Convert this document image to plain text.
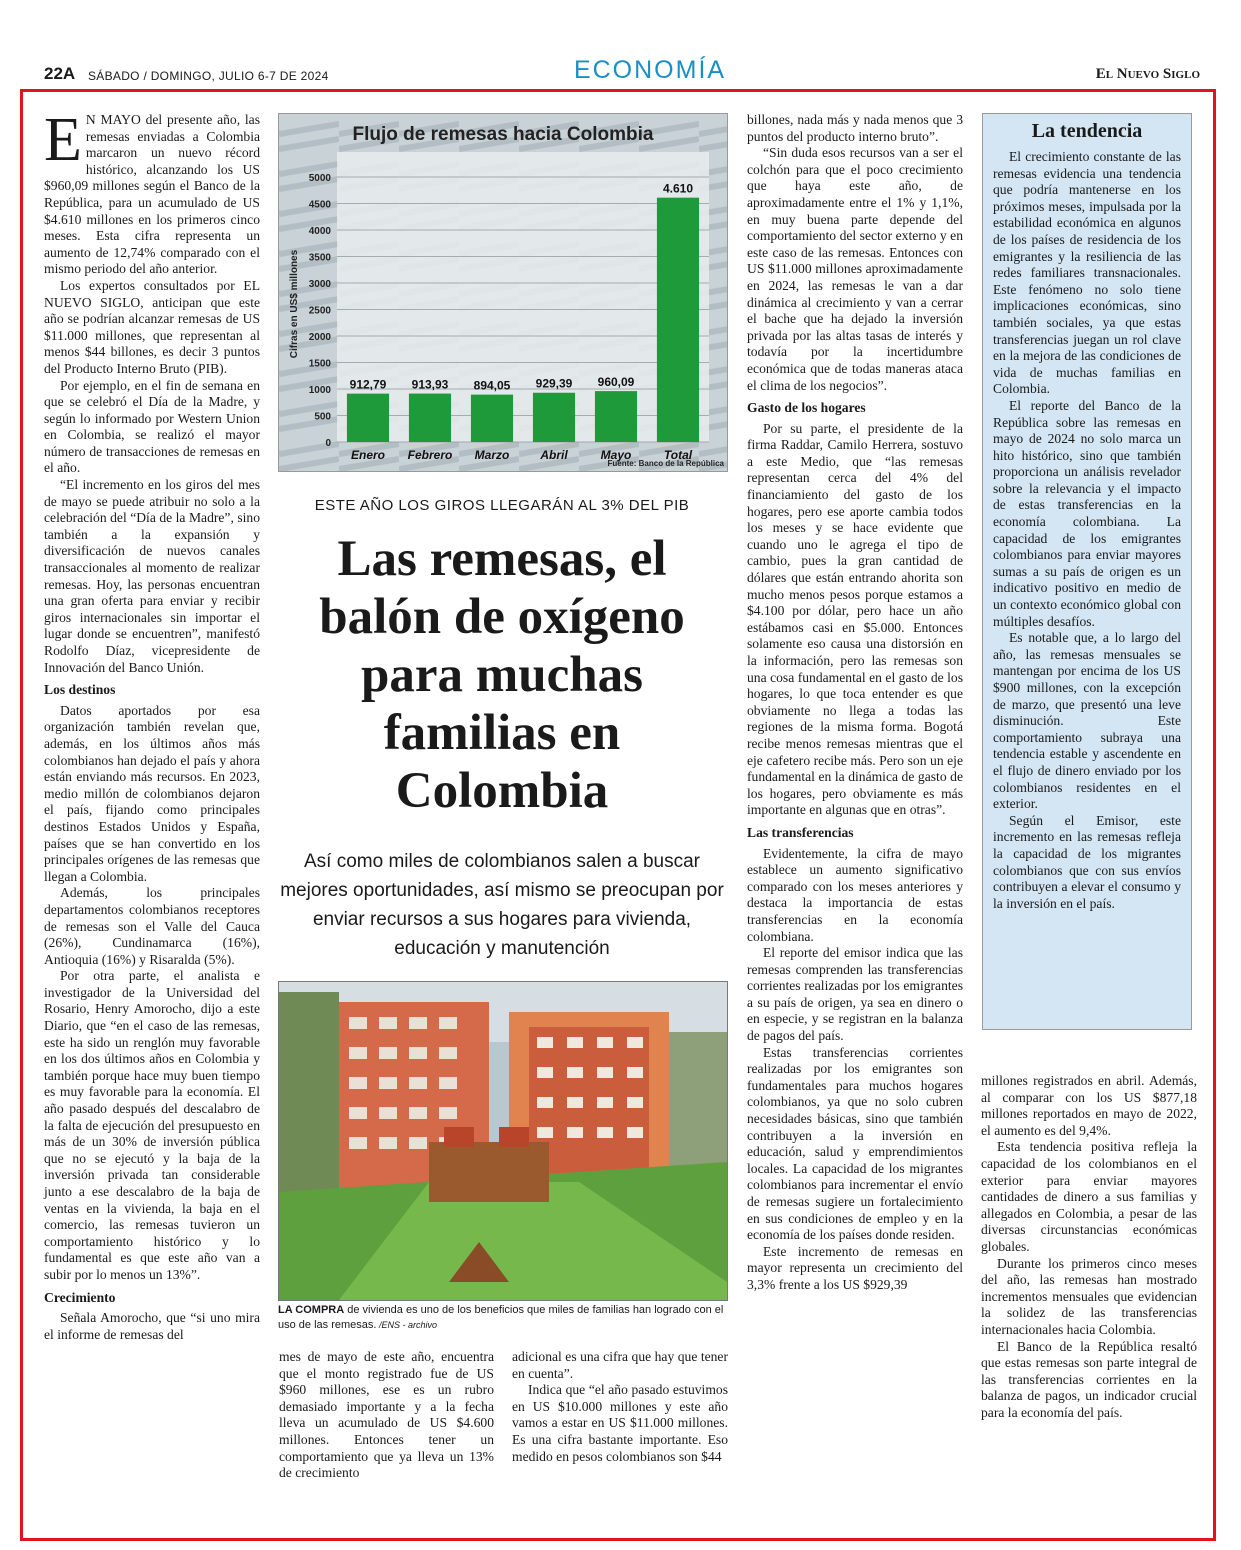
22A SÁBADO / DOMINGO, JULIO 6-7 DE 2024	ECONOMÍA	El Nuevo Siglo

E N MAYO del presente año, las remesas enviadas a Colombia marcaron un nuevo récord histórico, alcanzando los US $960,09 millones según el Banco de la República, para un acumulado de US $4.610 millones en los primeros cinco meses. Esta cifra representa un aumento de 12,74% comparado con el mismo periodo del año anterior.

Los expertos consultados por EL NUEVO SIGLO, anticipan que este año se podrían alcanzar remesas de US $11.000 millones, que representan al menos $44 billones, es decir 3 puntos del Producto Interno Bruto (PIB).

Por ejemplo, en el fin de semana en que se celebró el Día de la Madre, y según lo informado por Western Union en Colombia, se realizó el mayor número de transacciones de remesas en el año.

“El incremento en los giros del mes de mayo se puede atribuir no solo a la celebración del “Día de la Madre”, sino también a la expansión y diversificación de nuevos canales transaccionales al momento de realizar remesas. Hoy, las personas encuentran una gran oferta para enviar y recibir giros internacionales sin importar el lugar donde se encuentren”, manifestó Rodolfo Díaz, vicepresidente de Innovación del Banco Unión.

Los destinos

Datos aportados por esa organización también revelan que, además, en los últimos años más colombianos han dejado el país y ahora están enviando más recursos. En 2023, medio millón de colombianos dejaron el país, fijando como principales destinos Estados Unidos y España, países que se han convertido en los principales orígenes de las remesas que llegan a Colombia.

Además, los principales departamentos colombianos receptores de remesas son el Valle del Cauca (26%), Cundinamarca (16%), Antioquia (16%) y Risaralda (5%).

Por otra parte, el analista e investigador de la Universidad del Rosario, Henry Amorocho, dijo a este Diario, que “en el caso de las remesas, este ha sido un renglón muy favorable en los dos últimos años en Colombia y también porque hace muy buen tiempo es muy favorable para la economía. El año pasado después del descalabro de la falta de ejecución del presupuesto en más de un 30% de inversión pública que no se ejecutó y la baja de la inversión privada tan considerable junto a ese descalabro de la baja de ventas en la vivienda, la baja en el comercio, las remesas tuvieron un comportamiento histórico y lo fundamental es que este año van a subir por lo menos un 13%”.

Crecimiento

Señala Amorocho, que “si uno mira el informe de remesas del

Flujo de remesas hacia Colombia
Cifras en US$ millones
0
500
1000
1500
2000
2500
3000
3500
4000
4500
5000
912,79 913,93 894,05 929,39 960,09
4.610
Enero Febrero Marzo	Abril	Mayo	Total
Fuente: Banco de la República
ESTE AÑO LOS GIROS LLEGARÁN AL 3% DEL PIB
Las remesas, el balón de oxígeno para muchas familias en Colombia
Así como miles de colombianos salen a buscar mejores oportunidades, así mismo se preocupan por enviar recursos a sus hogares para vivienda, educación y manutención
LA COMPRA de vivienda es uno de los beneficios que miles de familias han logrado con el uso de las remesas. /ENS - archivo

mes de mayo de este año, encuentra que el monto registrado fue de US $960 millones, ese es un rubro demasiado importante y a la fecha lleva un acumulado de US $4.600 millones. Entonces tener un comportamiento que ya lleva un 13% de crecimiento

adicional es una cifra que hay que tener en cuenta”.

Indica que “el año pasado estuvimos en US $10.000 millones y este año vamos a estar en US $11.000 millones. Es una cifra bastante importante. Eso medido en pesos colombianos son $44

billones, nada más y nada menos que 3 puntos del producto interno bruto”.

“Sin duda esos recursos van a ser el colchón para que el poco crecimiento que haya este año, de aproximadamente entre el 1% y 1,1%, en muy buena parte depende del comportamiento del sector externo y en este caso de las remesas. Entonces con US $11.000 millones aproximadamente en 2024, las remesas le van a dar dinámica al crecimiento y van a cerrar el bache que ha dejado la inversión privada por las altas tasas de interés y todavía por la incertidumbre económica que de todas maneras ataca el clima de los negocios”.

Gasto de los hogares

Por su parte, el presidente de la firma Raddar, Camilo Herrera, sostuvo a este Medio, que “las remesas representan cerca del 4% del financiamiento del gasto de los hogares, pero ese aporte cambia todos los meses y se hace evidente que cuando uno le agrega el tipo de cambio, pues la gran cantidad de dólares que están entrando ahorita son mucho menos pesos porque estamos a $4.100 por dólar, pero hace un año estábamos casi en $5.000. Entonces solamente eso causa una distorsión en la información, pero las remesas son una cosa fundamental en el gasto de los hogares, lo que toca entender es que obviamente no llega a todas las regiones de la misma forma. Bogotá recibe menos remesas mientras que el eje cafetero recibe más. Pero son un eje fundamental en la dinámica de gasto de los hogares, pero obviamente es más importante en algunas que en otras”.

Las transferencias

Evidentemente, la cifra de mayo establece un aumento significativo comparado con los meses anteriores y destaca la importancia de estas transferencias en la economía colombiana.

El reporte del emisor indica que las remesas comprenden las transferencias corrientes realizadas por los emigrantes a su país de origen, ya sea en dinero o en especie, y se registran en la balanza de pagos del país.

Estas transferencias corrientes realizadas por los emigrantes son fundamentales para muchos hogares colombianos, ya que no solo cubren necesidades básicas, sino que también contribuyen a la inversión en educación, salud y emprendimientos locales. La capacidad de los migrantes colombianos para incrementar el envío de remesas sugiere un fortalecimiento en sus condiciones de empleo y en la economía de los países donde residen.

Este incremento de remesas en mayor representa un crecimiento del 3,3% frente a los US $929,39

La tendencia

El crecimiento constante de las remesas evidencia una tendencia que podría mantenerse en los próximos meses, impulsada por la estabilidad económica en algunos de los países de residencia de los emigrantes y la resiliencia de las redes familiares transnacionales. Este fenómeno no solo tiene implicaciones económicas, sino también sociales, ya que estas transferencias juegan un rol clave en la mejora de las condiciones de vida de muchas familias en Colombia.

El reporte del Banco de la República sobre las remesas en mayo de 2024 no solo marca un hito histórico, sino que también proporciona un análisis revelador sobre la relevancia y el impacto de estas transferencias en la economía colombiana. La capacidad de los emigrantes colombianos para enviar mayores sumas a su país de origen es un indicativo positivo en medio de un contexto económico global con múltiples desafíos.

Es notable que, a lo largo del año, las remesas mensuales se mantengan por encima de los US $900 millones, con la excepción de marzo, que presentó una leve disminución. Este comportamiento subraya una tendencia estable y ascendente en el flujo de dinero enviado por los colombianos residentes en el exterior.

Según el Emisor, este incremento en las remesas refleja la capacidad de los migrantes colombianos que con sus envíos contribuyen a elevar el consumo y la inversión en el país.

millones registrados en abril. Además, al comparar con los US $877,18 millones reportados en mayo de 2022, el aumento es del 9,4%.

Esta tendencia positiva refleja la capacidad de los colombianos en el exterior para enviar mayores cantidades de dinero a sus familias y allegados en Colombia, a pesar de las diversas circunstancias económicas globales.

Durante los primeros cinco meses del año, las remesas han mostrado incrementos mensuales que evidencian la solidez de las transferencias internacionales hacia Colombia.

El Banco de la República resaltó que estas remesas son parte integral de las transferencias corrientes en la balanza de pagos, un indicador crucial para la economía del país.
